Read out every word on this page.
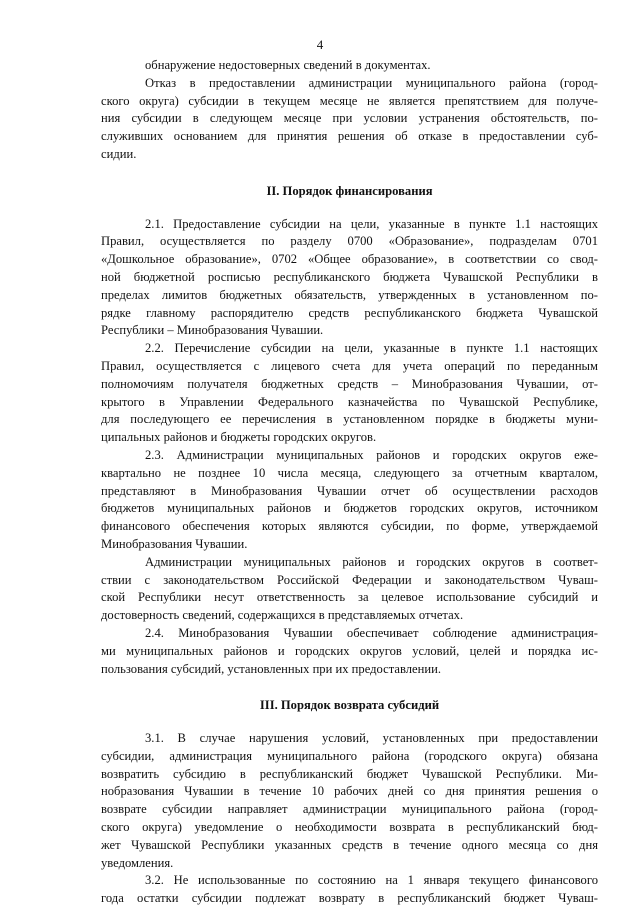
4
обнаружение недостоверных сведений в документах.
Отказ в предоставлении администрации муниципального района (город-
ского округа) субсидии в текущем месяце не является препятствием для получе-
ния субсидии в следующем месяце при условии устранения обстоятельств, по-
служивших основанием для принятия решения об отказе в предоставлении суб-
сидии.
II. Порядок финансирования
2.1. Предоставление субсидии на цели, указанные в пункте 1.1 настоящих
Правил, осуществляется по разделу 0700 «Образование», подразделам 0701
«Дошкольное образование», 0702 «Общее образование», в соответствии со свод-
ной бюджетной росписью республиканского бюджета Чувашской Республики в
пределах лимитов бюджетных обязательств, утвержденных в установленном по-
рядке главному распорядителю средств республиканского бюджета Чувашской
Республики – Минобразования Чувашии.
2.2. Перечисление субсидии на цели, указанные в пункте 1.1 настоящих
Правил, осуществляется с лицевого счета для учета операций по переданным
полномочиям получателя бюджетных средств – Минобразования Чувашии, от-
крытого в Управлении Федерального казначейства по Чувашской Республике,
для последующего ее перечисления в установленном порядке в бюджеты муни-
ципальных районов и бюджеты городских округов.
2.3. Администрации муниципальных районов и городских округов еже-
квартально не позднее 10 числа месяца, следующего за отчетным кварталом,
представляют в Минобразования Чувашии отчет об осуществлении расходов
бюджетов муниципальных районов и бюджетов городских округов, источником
финансового обеспечения которых являются субсидии, по форме, утверждаемой
Минобразования Чувашии.
Администрации муниципальных районов и городских округов в соответ-
ствии с законодательством Российской Федерации и законодательством Чуваш-
ской Республики несут ответственность за целевое использование субсидий и
достоверность сведений, содержащихся в представляемых отчетах.
2.4. Минобразования Чувашии обеспечивает соблюдение администрация-
ми муниципальных районов и городских округов условий, целей и порядка ис-
пользования субсидий, установленных при их предоставлении.
III. Порядок возврата субсидий
3.1. В случае нарушения условий, установленных при предоставлении
субсидии, администрация муниципального района (городского округа) обязана
возвратить субсидию в республиканский бюджет Чувашской Республики. Ми-
нобразования Чувашии в течение 10 рабочих дней со дня принятия решения о
возврате субсидии направляет администрации муниципального района (город-
ского округа) уведомление о необходимости возврата в республиканский бюд-
жет Чувашской Республики указанных средств в течение одного месяца со дня
уведомления.
3.2. Не использованные по состоянию на 1 января текущего финансового
года остатки субсидии подлежат возврату в республиканский бюджет Чуваш-
